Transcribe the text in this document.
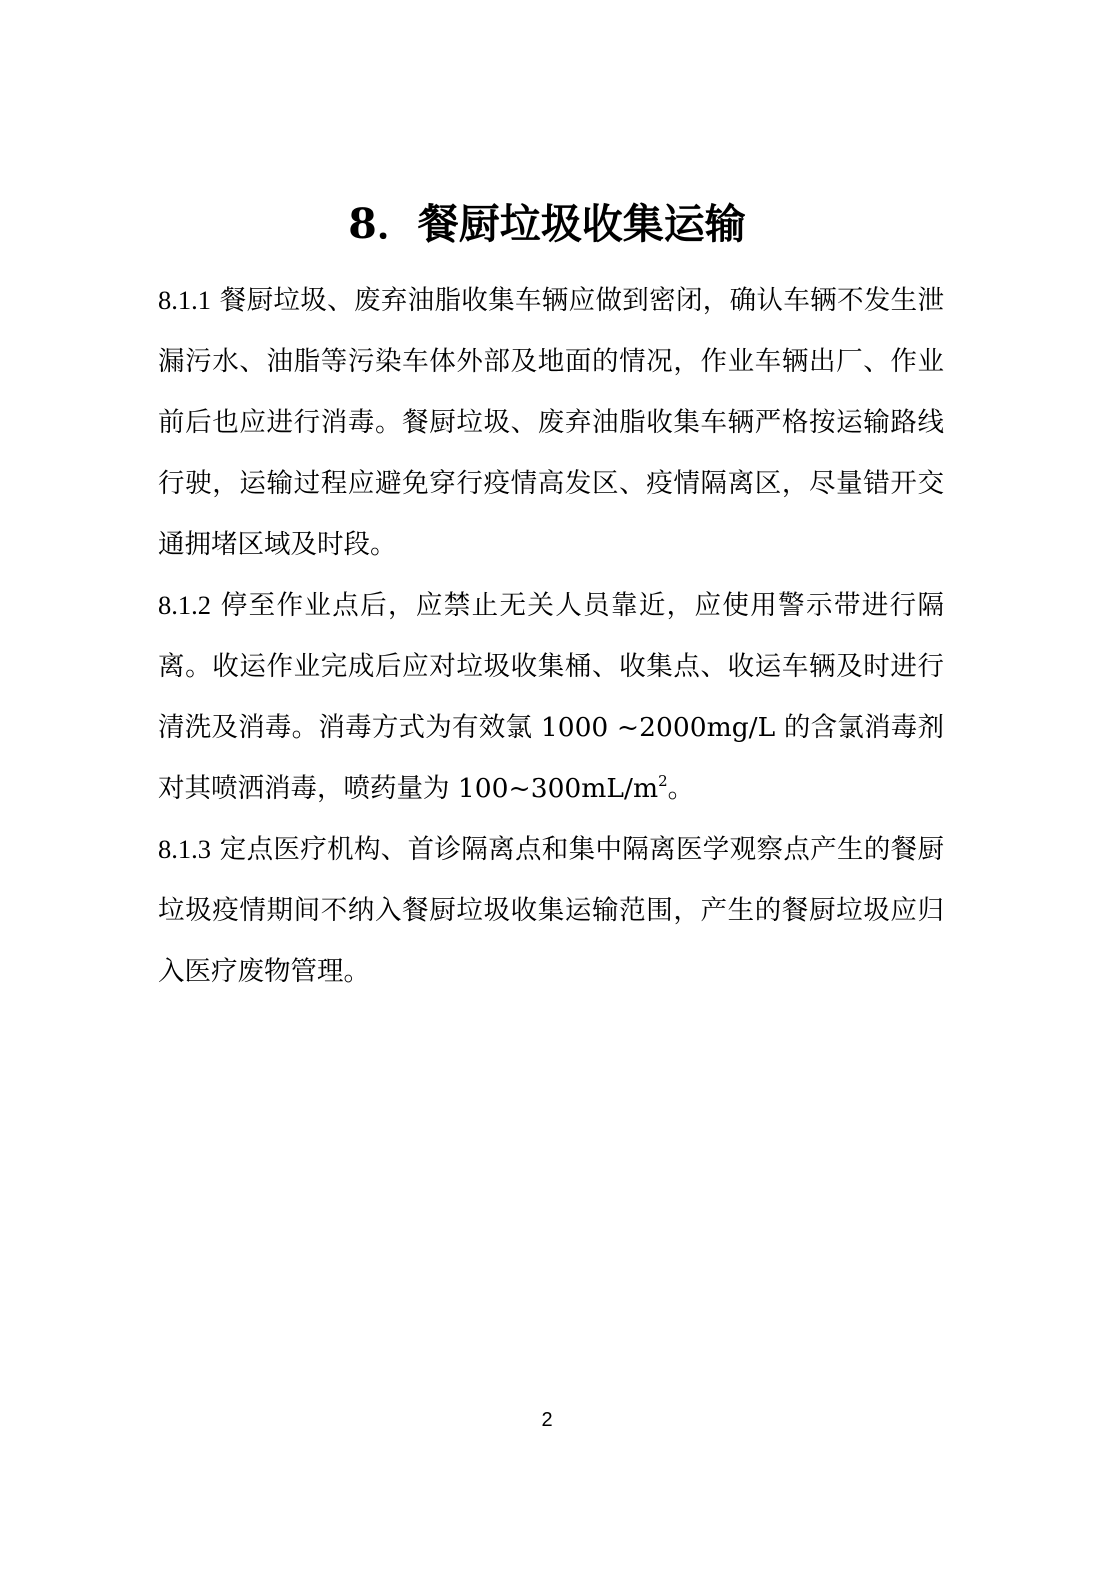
8．餐厨垃圾收集运输

8.1.1 餐厨垃圾、废弃油脂收集车辆应做到密闭，确认车辆不发生泄漏污水、油脂等污染车体外部及地面的情况，作业车辆出厂、作业前后也应进行消毒。餐厨垃圾、废弃油脂收集车辆严格按运输路线行驶，运输过程应避免穿行疫情高发区、疫情隔离区，尽量错开交通拥堵区域及时段。

8.1.2 停至作业点后，应禁止无关人员靠近，应使用警示带进行隔离。收运作业完成后应对垃圾收集桶、收集点、收运车辆及时进行清洗及消毒。消毒方式为有效氯 1000 ~2000mg/L 的含氯消毒剂对其喷洒消毒，喷药量为 $100\sim 300mL/m^2$。

8.1.3 定点医疗机构、首诊隔离点和集中隔离医学观察点产生的餐厨垃圾疫情期间不纳入餐厨垃圾收集运输范围，产生的餐厨垃圾应归入医疗废物管理。

2
